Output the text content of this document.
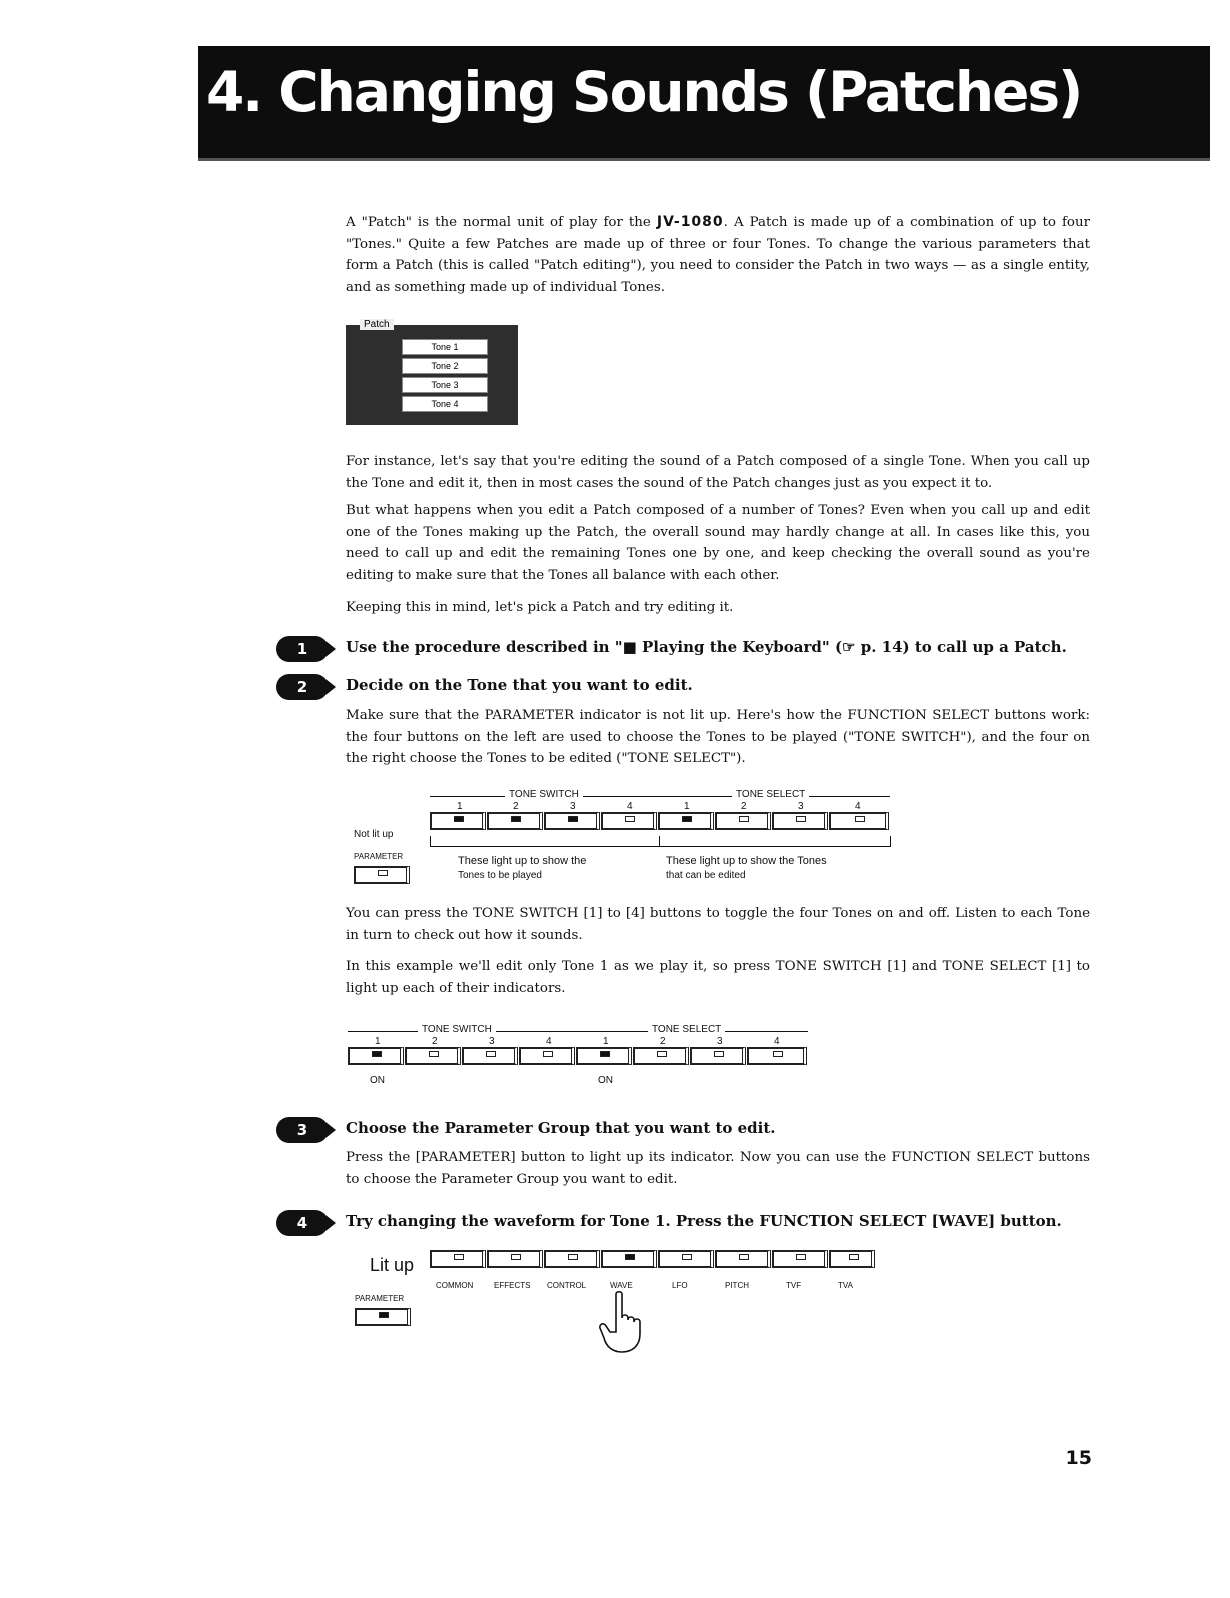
4. Changing Sounds (Patches)

A "Patch" is the normal unit of play for the JV-1080. A Patch is made up of a combination of up to four "Tones." Quite a few Patches are made up of three or four Tones. To change the various parameters that form a Patch (this is called "Patch editing"), you need to consider the Patch in two ways — as a single entity, and as something made up of individual Tones.

Patch
Tone 1
Tone 2
Tone 3
Tone 4

For instance, let's say that you're editing the sound of a Patch composed of a single Tone. When you call up the Tone and edit it, then in most cases the sound of the Patch changes just as you expect it to.

But what happens when you edit a Patch composed of a number of Tones? Even when you call up and edit one of the Tones making up the Patch, the overall sound may hardly change at all. In cases like this, you need to call up and edit the remaining Tones one by one, and keep checking the overall sound as you're editing to make sure that the Tones all balance with each other.

Keeping this in mind, let's pick a Patch and try editing it.

1	Use the procedure described in "■ Playing the Keyboard" (☞ p. 14) to call up a Patch.
2	Decide on the Tone that you want to edit.

Make sure that the PARAMETER indicator is not lit up. Here's how the FUNCTION SELECT buttons work: the four buttons on the left are used to choose the Tones to be played ("TONE SWITCH"), and the four on the right choose the Tones to be edited ("TONE SELECT").

TONE SWITCH	TONE SELECT
1	2	3	4	1	2	3	4
Not lit up
PARAMETER	These light up to show the
Tones to be played
These light up to show the Tones
that can be edited

You can press the TONE SWITCH [1] to [4] buttons to toggle the four Tones on and off. Listen to each Tone in turn to check out how it sounds.

In this example we'll edit only Tone 1 as we play it, so press TONE SWITCH [1] and TONE SELECT [1] to light up each of their indicators.

TONE SWITCH	TONE SELECT
1	2	3	4	1	2	3	4
ON	ON
3	Choose the Parameter Group that you want to edit.

Press the [PARAMETER] button to light up its indicator. Now you can use the FUNCTION SELECT buttons to choose the Parameter Group you want to edit.

4	Try changing the waveform for Tone 1. Press the FUNCTION SELECT [WAVE] button.
Lit up
PARAMETER
COMMON	EFFECTS CONTROL	WAVE	LFO	PITCH	TVF	TVA
15
